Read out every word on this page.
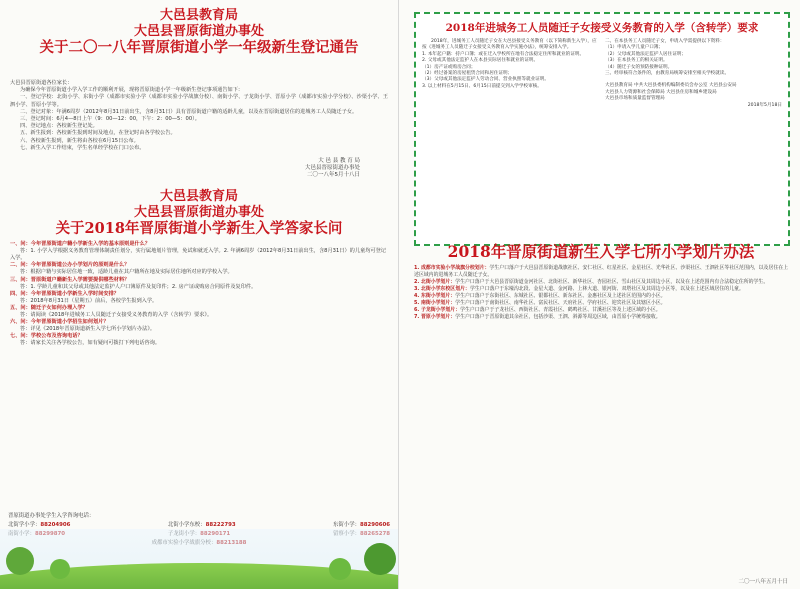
大邑县教育局

大邑县晋原街道办事处

关于二〇一八年晋原街道小学一年级新生登记通告

大邑县晋原街道各位家长：

为确保今年晋原街道小学入学工作的顺利开展，现将晋原街道小学一年级新生登记事项通告如下：

一、登记学校：北街小学、东街小学（成都市实验小学（成都市实验小学战旗分校）、南街小学、子龙街小学、晋原小学（成都市实验小学分校）、沙渠小学、王泗小学、晋原小学等。

二、登记对象：年满6周岁（2012年8月31日前出生，含8月31日）具有晋原街道户籍的适龄儿童，以及在晋原街道居住的进城务工人员随迁子女。

三、登记时间：6月4—8日上午（9：00—12：00，下午：2：00—5：00）。

四、登记地点：各校新生登记处。

五、新生报到：各校新生报到时间及地点，在登记时由各学校公告。

六、各校新生报到，新生将由各校在6月15日公布。

七、新生入学工作结束，学生名单经学校在门口公布。

大 邑 县 教 育 局
大邑县晋原街道办事处
二〇一八年5月十八日

大邑县教育局

大邑县晋原街道办事处

关于2018年晋原街道小学新生入学答家长问

一、问：今年晋原街道户籍小学新生入学的基本原则是什么？

答：1. 小学入学根据义务教育管理体制责任划分，实行属地划片管理，免试和就近入学。2. 年满6周岁（2012年8月31日前出生，含8月31日）的儿童均可登记入学。

二、问：今年晋原街道公办小学划片的原则是什么？

答：根据户籍与实际居住地一致，适龄儿童在其户籍所在地及实际居住地所对应的学校入学。

三、问：晋原街道户籍新生入学需要提供哪些材料？

答：1. 学龄儿童和其父母或其他法定监护人户口簿原件及复印件；2. 房产证或购房合同原件及复印件。

四、问：今年晋原街道小学新生入学时间安排？

答：2018年8月31日（星期五）前后，各校学生报到入学。

五、问：随迁子女如何办理入学？

答：请阅读《2018年进城务工人员随迁子女接受义务教育的入学（含转学）要求》。

六、问：今年晋原街道小学招生如何划片？

答：详见《2018年晋原街道新生入学七所小学划片办法》。

七、问：学校公布及咨询电话？

答：请家长关注各学校公告，如有疑问可拨打下列电话咨询。

晋原街道办事处学生入学咨询电话：
北街学小学：88204906	北街小学东校：88222793	东街小学：88290606
2018年进城务工人员随迁子女接受义务教育的入学（含转学）要求

2018年，进城务工人员随迁子女在大邑县接受义务教育（以下简称新生入学），应按《进城务工人员随迁子女接受义务教育入学实施办法》，统筹安排入学。

1. 本年起户籍：持户口簿；或在迁入学校所在地有合法稳定住所和就业的证明。

2. 父母或其他法定监护人在本县实际居住和就业的证明。

（1）房产证或购房合同；

（2）经过备案的房屋租赁合同和居住证明；

（3）父母或其他法定监护人劳动合同、营业执照等就业证明。

3. 以上材料在5月15日、6月15日前提交到入学学校审核。

二、在本县务工人员随迁子女，申请入学需提供以下资料：

（1）申请入学儿童户口簿；

（2）父母或其他法定监护人居住证明；

（3）在本县务工的相关证明。

（4）随迁子女的预防接种证明。

三、经审核符合条件的，由教育局统筹安排至相关学校就读。

大邑县教育局 中共大邑县委机构编制委员会办公室 大邑县公安局

大邑县人力资源和社会保障局 大邑县住房和城乡建设局

大邑县市场和质量监督管理局

2018年5月18日

2018年晋原街道新生入学七所小学划片办法

1. 成都市实验小学战旗分校划片：学生户口落户于大邑县晋原街道战旗社区、安仁社区、红星社区、金星社区、光华社区、沙渠社区、王泗社区等社区范围内，以及居住在上述区域内的进城务工人员随迁子女。

2. 北街小学划片：学生户口落户于大邑县晋原街道金河社区、北街社区、新华社区、杏园社区、雪山社区及其周边小区，以及在上述范围内有合法稳定住所的学生。

3. 北街小学东校区划片：学生户口落户于东壕沟北段、金星大道、金河路、上林大道、银河街、双塔社区及其周边小区等，以及在上述区域居住的儿童。

4. 东街小学划片：学生户口落户于东街社区、东城社区、银都社区、新东社区、金惠社区及上述社区范围内的小区。

5. 南街小学划片：学生户口落户于南街社区、南华社区、富民社区、天府社区、学府社区、迎宾社区及其辖区小区。

6. 子龙街小学划片：学生户口落户于子龙社区、西街社区、青霞社区、鹤鸣社区、甘溪社区等及上述区域的小区。

7. 晋原小学划片：学生户口落户于晋原街道其余社区，包括沙渠、王泗、斜源等周边区域，由晋原小学统筹接收。

二〇一八年五月十日
